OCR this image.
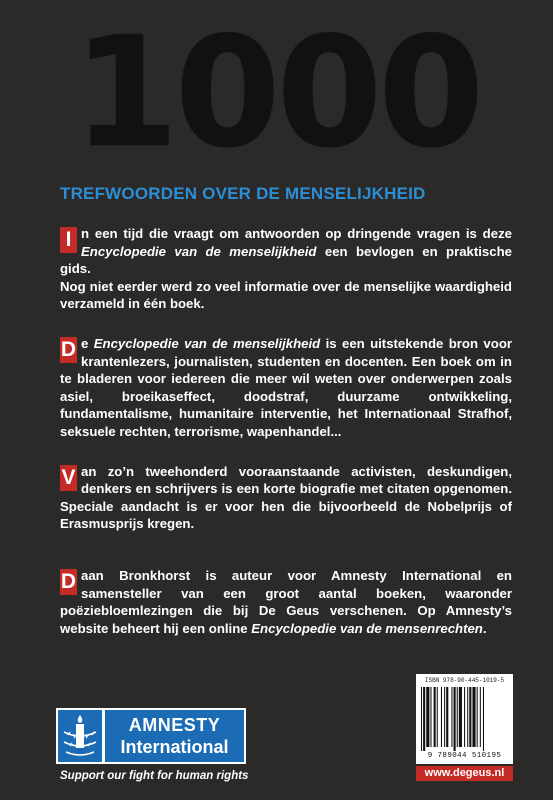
1000
TREFWOORDEN OVER DE MENSELIJKHEID
I n een tijd die vraagt om antwoorden op dringende vragen is deze Encyclopedie van de menselijkheid een bevlogen en praktische gids.

Nog niet eerder werd zo veel informatie over de menselijke waardigheid verzameld in één boek.

D e Encyclopedie van de menselijkheid is een uitstekende bron voor krantenlezers, journalisten, studenten en docenten. Een boek om in te bladeren voor iedereen die meer wil weten over onderwerpen zoals asiel, broeikaseffect, doodstraf, duurzame ontwikkeling, fundamentalisme, humanitaire interventie, het Internationaal Strafhof, seksuele rechten, terrorisme, wapenhandel...

V an zo’n tweehonderd vooraanstaande activisten, deskundigen, denkers en schrijvers is een korte biografie met citaten opgenomen. Speciale aandacht is er voor hen die bijvoorbeeld de Nobelprijs of Erasmusprijs kregen.

D aan Bronkhorst is auteur voor Amnesty International en samensteller van een groot aantal boeken, waaronder poëziebloemlezingen die bij De Geus verschenen. Op Amnesty’s website beheert hij een online Encyclopedie van de mensenrechten.

AMNESTY
International
Support our fight for human rights
ISBN 978-90-445-1019-5
9 789044 510195
www.degeus.nl
